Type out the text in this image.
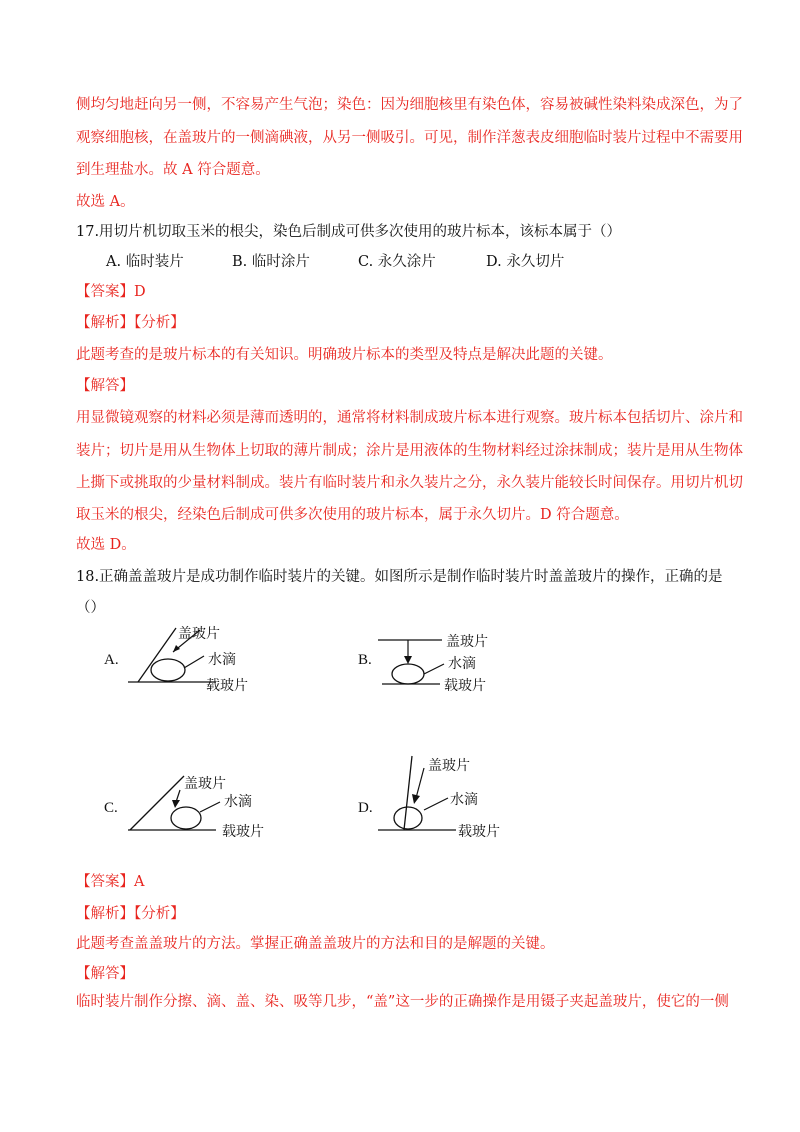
侧均匀地赶向另一侧，不容易产生气泡；染色：因为细胞核里有染色体，容易被碱性染料染成深色，为了
观察细胞核，在盖玻片的一侧滴碘液，从另一侧吸引。可见，制作洋葱表皮细胞临时装片过程中不需要用
到生理盐水。故 A 符合题意。
故选 A。
17.用切片机切取玉米的根尖，染色后制成可供多次使用的玻片标本，该标本属于（）
A. 临时装片	B. 临时涂片	C. 永久涂片	D. 永久切片
【答案】D
【解析】【分析】
此题考查的是玻片标本的有关知识。明确玻片标本的类型及特点是解决此题的关键。
【解答】
用显微镜观察的材料必须是薄而透明的，通常将材料制成玻片标本进行观察。玻片标本包括切片、涂片和
装片；切片是用从生物体上切取的薄片制成；涂片是用液体的生物材料经过涂抹制成；装片是用从生物体
上撕下或挑取的少量材料制成。装片有临时装片和永久装片之分，永久装片能较长时间保存。用切片机切
取玉米的根尖，经染色后制成可供多次使用的玻片标本，属于永久切片。D 符合题意。
故选 D。
18.正确盖盖玻片是成功制作临时装片的关键。如图所示是制作临时装片时盖盖玻片的操作，正确的是
（）
A.
盖玻片
水滴
载玻片
B.
盖玻片
水滴
载玻片
C.
盖玻片
水滴
载玻片
D.
盖玻片
水滴
载玻片
【答案】A
【解析】【分析】
此题考查盖盖玻片的方法。掌握正确盖盖玻片的方法和目的是解题的关键。
【解答】
临时装片制作分擦、滴、盖、染、吸等几步，“盖”这一步的正确操作是用镊子夹起盖玻片，使它的一侧
